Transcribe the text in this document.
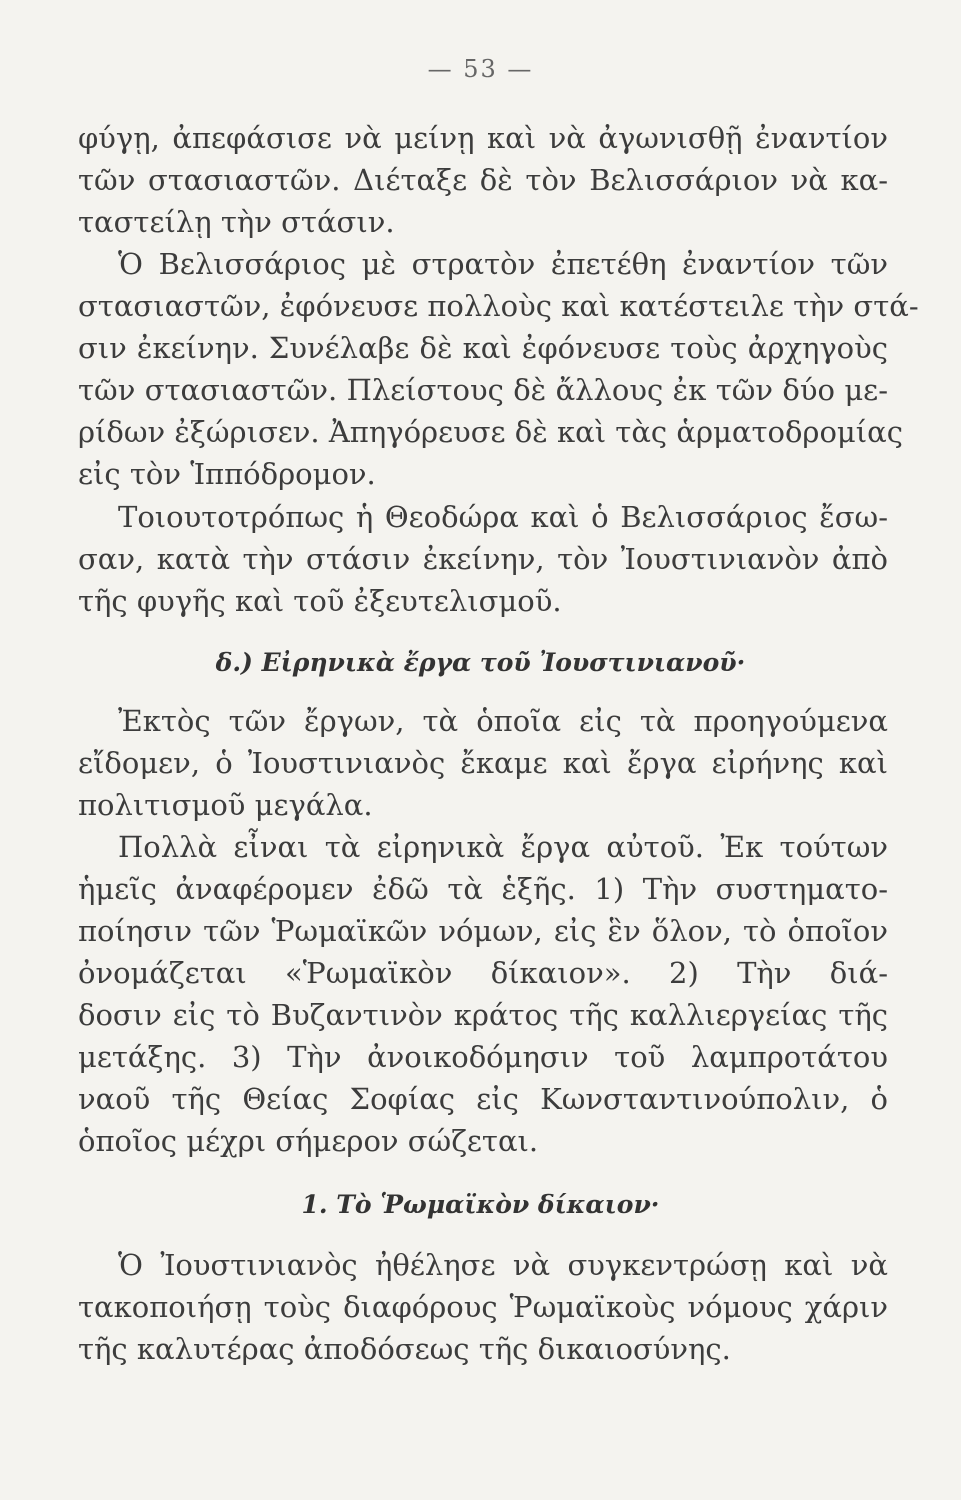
— 53 —
φύγῃ, ἀπεφάσισε νὰ μείνῃ καὶ νὰ ἀγωνισθῇ ἐναντίον
τῶν στασιαστῶν. Διέταξε δὲ τὸν Βελισσάριον νὰ κα-
ταστείλῃ τὴν στάσιν.
Ὁ Βελισσάριος μὲ στρατὸν ἐπετέθη ἐναντίον τῶν
στασιαστῶν, ἐφόνευσε πολλοὺς καὶ κατέστειλε τὴν στά-
σιν ἐκείνην. Συνέλαβε δὲ καὶ ἐφόνευσε τοὺς ἀρχηγοὺς
τῶν στασιαστῶν. Πλείστους δὲ ἄλλους ἐκ τῶν δύο με-
ρίδων ἐξώρισεν. Ἀπηγόρευσε δὲ καὶ τὰς ἁρματοδρομίας
εἰς τὸν Ἱππόδρομον.
Τοιουτοτρόπως ἡ Θεοδώρα καὶ ὁ Βελισσάριος ἔσω-
σαν, κατὰ τὴν στάσιν ἐκείνην, τὸν Ἰουστινιανὸν ἀπὸ
τῆς φυγῆς καὶ τοῦ ἐξευτελισμοῦ.
δ.) Εἰρηνικὰ ἔργα τοῦ Ἰουστινιανοῦ·
Ἐκτὸς τῶν ἔργων, τὰ ὁποῖα εἰς τὰ προηγούμενα
εἴδομεν, ὁ Ἰουστινιανὸς ἔκαμε καὶ ἔργα εἰρήνης καὶ
πολιτισμοῦ μεγάλα.
Πολλὰ εἶναι τὰ εἰρηνικὰ ἔργα αὐτοῦ. Ἐκ τούτων
ἡμεῖς ἀναφέρομεν ἐδῶ τὰ ἑξῆς. 1) Τὴν συστηματο-
ποίησιν τῶν Ῥωμαϊκῶν νόμων, εἰς ἓν ὅλον, τὸ ὁποῖον
ὀνομάζεται «Ῥωμαϊκὸν δίκαιον». 2) Τὴν διά-
δοσιν εἰς τὸ Βυζαντινὸν κράτος τῆς καλλιεργείας τῆς
μετάξης. 3) Τὴν ἀνοικοδόμησιν τοῦ λαμπροτάτου
ναοῦ τῆς Θείας Σοφίας εἰς Κωνσταντινούπολιν, ὁ
ὁποῖος μέχρι σήμερον σώζεται.
1. Τὸ Ῥωμαϊκὸν δίκαιον·
Ὁ Ἰουστινιανὸς ἠθέλησε νὰ συγκεντρώσῃ καὶ νὰ
τακοποιήσῃ τοὺς διαφόρους Ῥωμαϊκοὺς νόμους χάριν
τῆς καλυτέρας ἀποδόσεως τῆς δικαιοσύνης.
